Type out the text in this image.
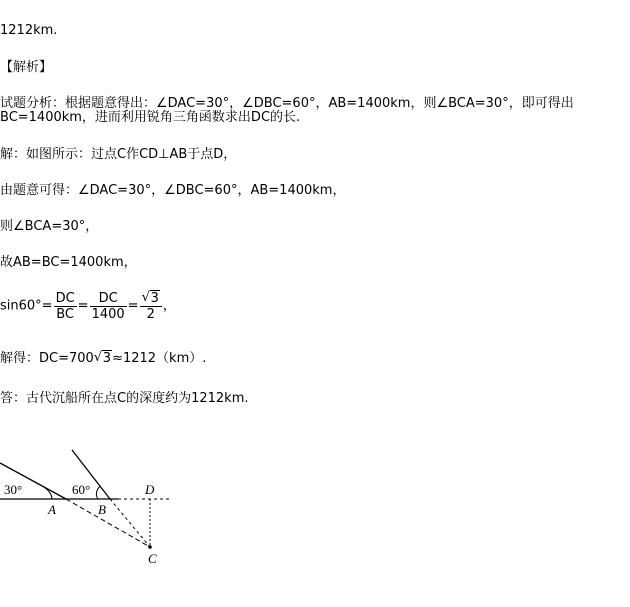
1212km.
【解析】
试题分析：根据题意得出：∠DAC=30°，∠DBC=60°，AB=1400km，则∠BCA=30°，即可得出
BC=1400km，进而利用锐角三角函数求出DC的长.
解：如图所示：过点C作CD⊥AB于点D，
由题意可得：∠DAC=30°，∠DBC=60°，AB=1400km，
则∠BCA=30°，
故AB=BC=1400km，
$\sin 60^\circ= \frac{DC}{BC} = \frac{DC}{1400} = \frac{√ 3}{2}$ ，
解得：DC=700 √ 3≈1212（km）.
答：古代沉船所在点C的深度约为1212km.
30°	60°
A	B
D
C
